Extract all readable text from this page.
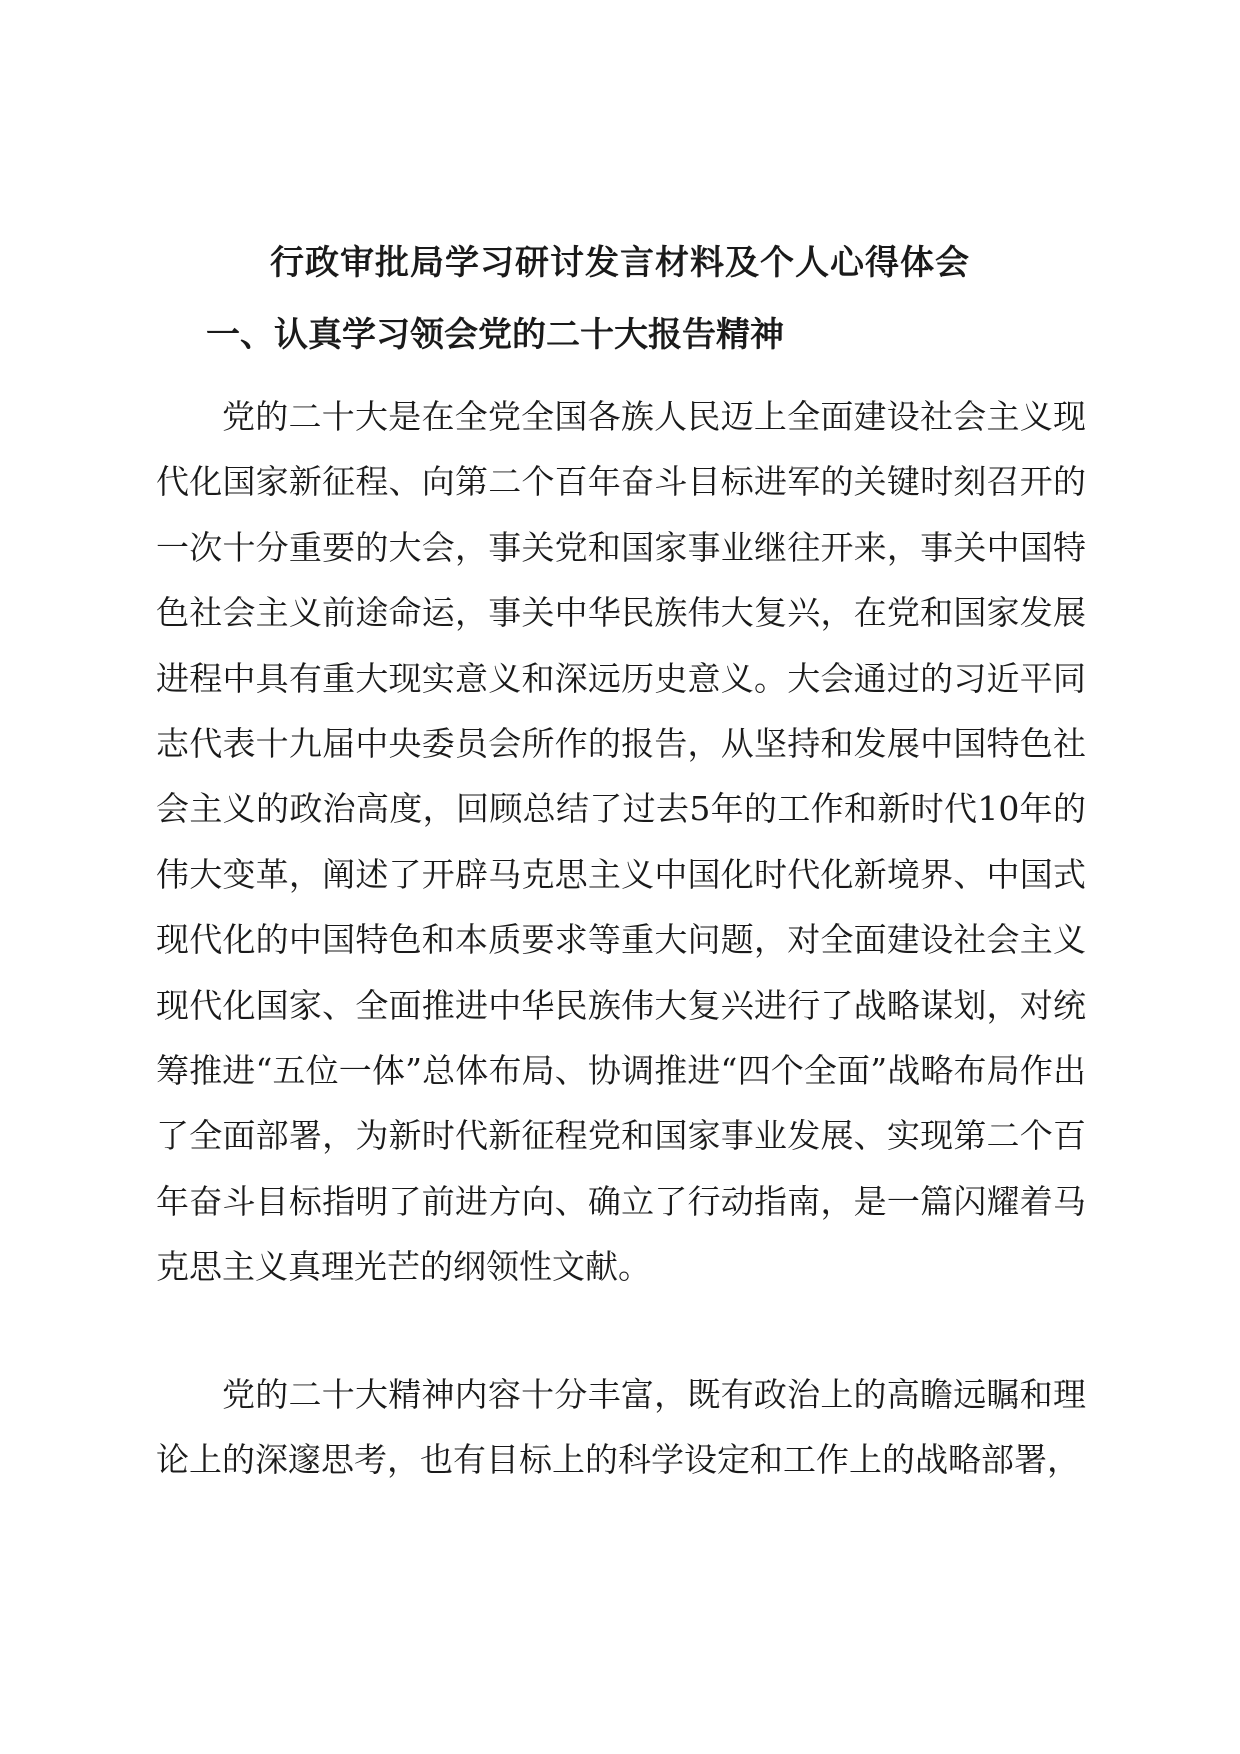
行政审批局学习研讨发言材料及个人心得体会
一、认真学习领会党的二十大报告精神

党的二十大是在全党全国各族人民迈上全面建设社会主义现代化国家新征程、向第二个百年奋斗目标进军的关键时刻召开的一次十分重要的大会，事关党和国家事业继往开来，事关中国特色社会主义前途命运，事关中华民族伟大复兴，在党和国家发展进程中具有重大现实意义和深远历史意义。大会通过的习近平同志代表十九届中央委员会所作的报告，从坚持和发展中国特色社会主义的政治高度，回顾总结了过去5年的工作和新时代10年的伟大变革，阐述了开辟马克思主义中国化时代化新境界、中国式现代化的中国特色和本质要求等重大问题，对全面建设社会主义现代化国家、全面推进中华民族伟大复兴进行了战略谋划，对统筹推进“五位一体”总体布局、协调推进“四个全面”战略布局作出了全面部署，为新时代新征程党和国家事业发展、实现第二个百年奋斗目标指明了前进方向、确立了行动指南，是一篇闪耀着马克思主义真理光芒的纲领性文献。

党的二十大精神内容十分丰富，既有政治上的高瞻远瞩和理论上的深邃思考，也有目标上的科学设定和工作上的战略部署，
